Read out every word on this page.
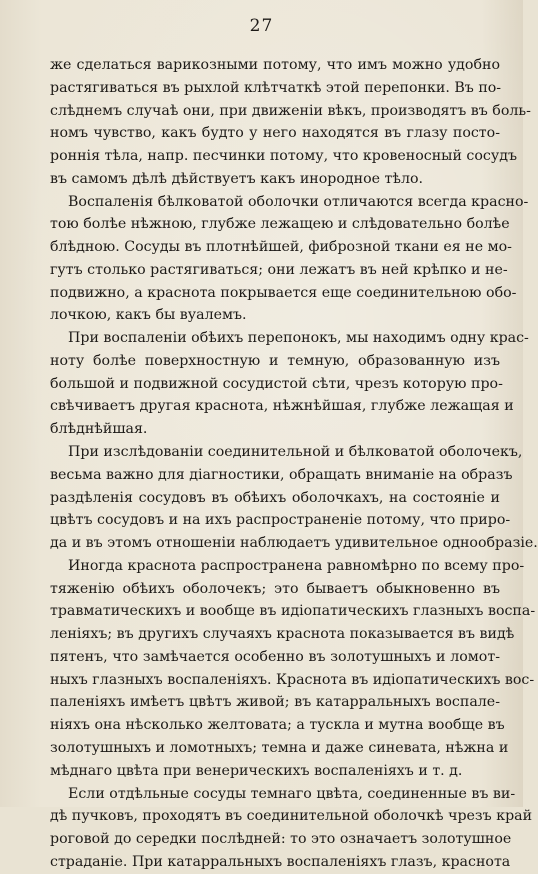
27
же сделаться варикозными потому, что имъ можно удобно
растягиваться въ рыхлой клѣтчаткѣ этой перепонки. Въ по-
слѣднемъ случаѣ они, при движеніи вѣкъ, производятъ въ боль-
номъ чувство, какъ будто у него находятся въ глазу посто-
роннія тѣла, напр. песчинки потому, что кровеносный сосудъ
въ самомъ дѣлѣ дѣйствуетъ какъ инородное тѣло.
Воспаленія бѣлковатой оболочки отличаются всегда красно-
тою болѣе нѣжною, глубже лежащею и слѣдовательно болѣе
блѣдною. Сосуды въ плотнѣйшей, фиброзной ткани ея не мо-
гутъ столько растягиваться; они лежатъ въ ней крѣпко и не-
подвижно, а краснота покрывается еще соединительною обо-
лочкою, какъ бы вуалемъ.
При воспаленіи обѣихъ перепонокъ, мы находимъ одну крас-
ноту болѣе поверхностную и темную, образованную изъ
большой и подвижной сосудистой сѣти, чрезъ которую про-
свѣчиваетъ другая краснота, нѣжнѣйшая, глубже лежащая и
блѣднѣйшая.
При изслѣдованіи соединительной и бѣлковатой оболочекъ,
весьма важно для діагностики, обращать вниманіе на образъ
раздѣленія сосудовъ въ обѣихъ оболочкахъ, на состояніе и
цвѣтъ сосудовъ и на ихъ распространеніе потому, что приро-
да и въ этомъ отношеніи наблюдаетъ удивительное однообразіе.
Иногда краснота распространена равномѣрно по всему про-
тяженію обѣихъ оболочекъ; это бываетъ обыкновенно въ
травматическихъ и вообще въ идіопатическихъ глазныхъ воспа-
леніяхъ; въ другихъ случаяхъ краснота показывается въ видѣ
пятенъ, что замѣчается особенно въ золотушныхъ и ломот-
ныхъ глазныхъ воспаленіяхъ. Краснота въ идіопатическихъ вос-
паленіяхъ имѣетъ цвѣтъ живой; въ катарральныхъ воспале-
ніяхъ она нѣсколько желтовата; а тускла и мутна вообще въ
золотушныхъ и ломотныхъ; темна и даже синевата, нѣжна и
мѣднаго цвѣта при венерическихъ воспаленіяхъ и т. д.
Если отдѣльные сосуды темнаго цвѣта, соединенные въ ви-
дѣ пучковъ, проходятъ въ соединительной оболочкѣ чрезъ край
роговой до середки послѣдней: то это означаетъ золотушное
страданіе. При катарральныхъ воспаленіяхъ глазъ, краснота
